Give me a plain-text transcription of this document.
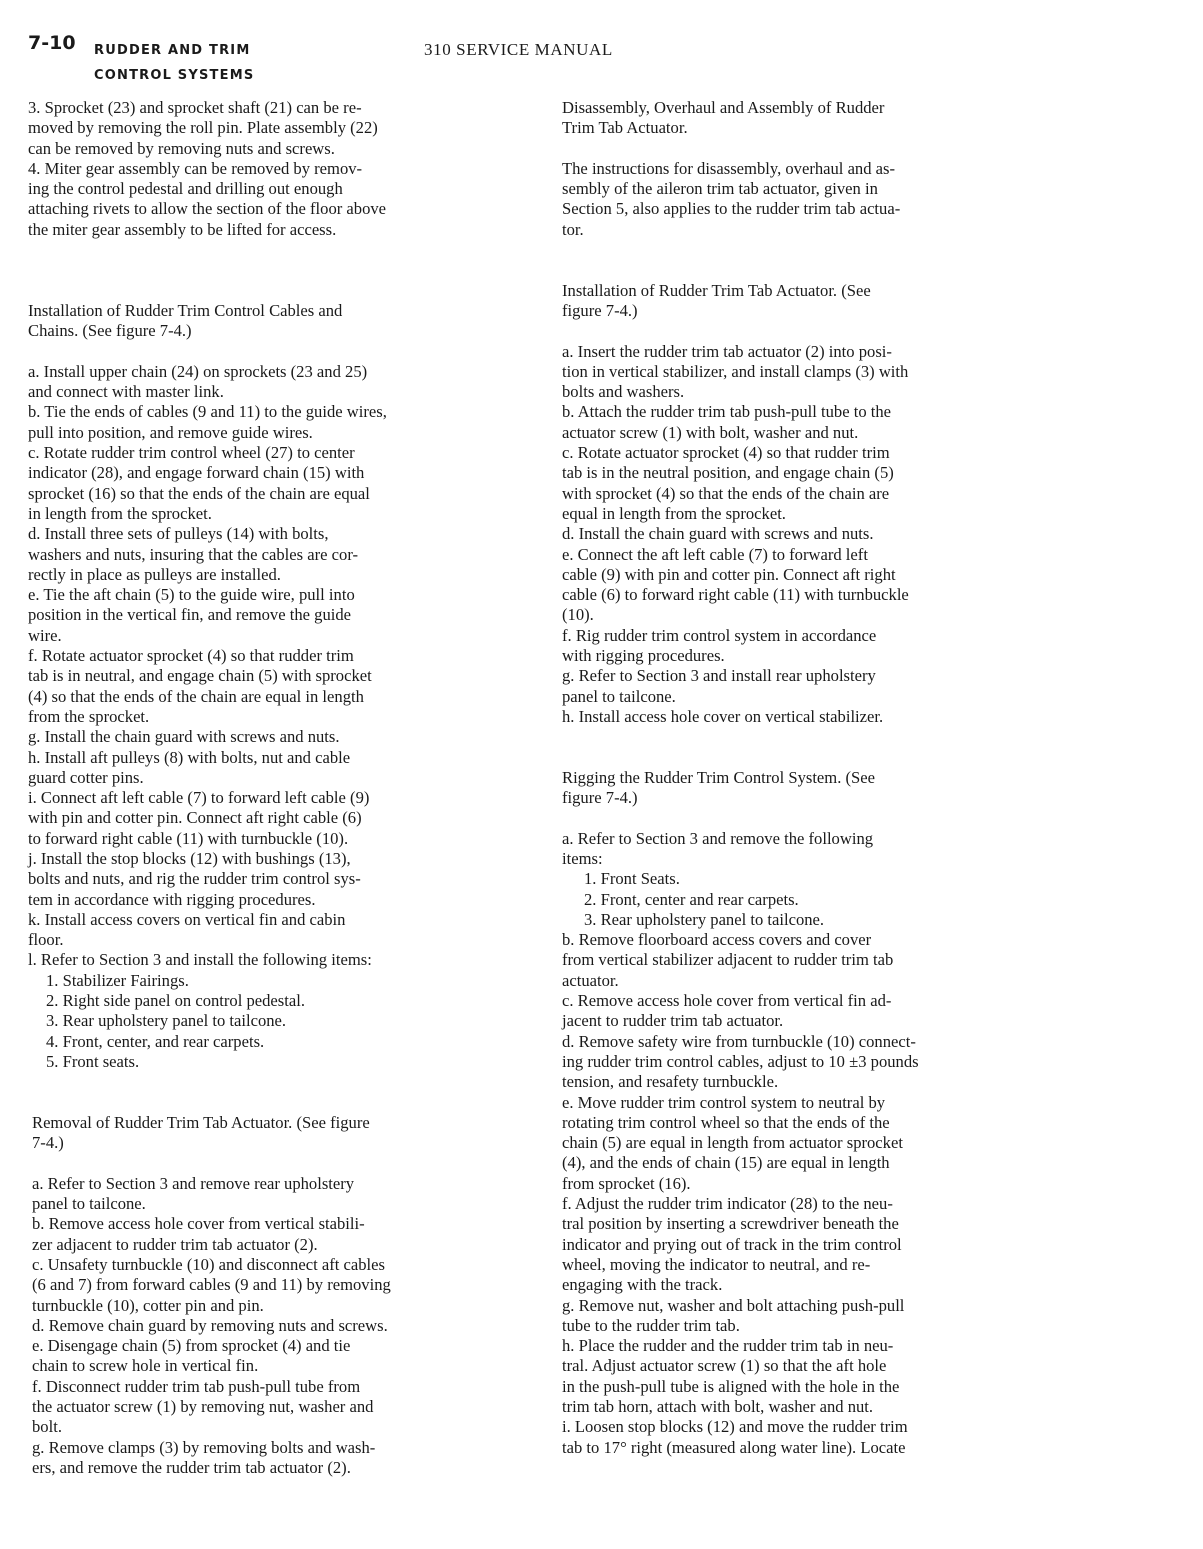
7-10 RUDDER AND TRIM
CONTROL SYSTEMS
310 SERVICE MANUAL
3. Sprocket (23) and sprocket shaft (21) can be re-
moved by removing the roll pin. Plate assembly (22)
can be removed by removing nuts and screws.
4. Miter gear assembly can be removed by remov-
ing the control pedestal and drilling out enough
attaching rivets to allow the section of the floor above
the miter gear assembly to be lifted for access.
Installation of Rudder Trim Control Cables and
Chains. (See figure 7-4.)
a. Install upper chain (24) on sprockets (23 and 25)
and connect with master link.
b. Tie the ends of cables (9 and 11) to the guide wires,
pull into position, and remove guide wires.
c. Rotate rudder trim control wheel (27) to center
indicator (28), and engage forward chain (15) with
sprocket (16) so that the ends of the chain are equal
in length from the sprocket.
d. Install three sets of pulleys (14) with bolts,
washers and nuts, insuring that the cables are cor-
rectly in place as pulleys are installed.
e. Tie the aft chain (5) to the guide wire, pull into
position in the vertical fin, and remove the guide
wire.
f. Rotate actuator sprocket (4) so that rudder trim
tab is in neutral, and engage chain (5) with sprocket
(4) so that the ends of the chain are equal in length
from the sprocket.
g. Install the chain guard with screws and nuts.
h. Install aft pulleys (8) with bolts, nut and cable
guard cotter pins.
i. Connect aft left cable (7) to forward left cable (9)
with pin and cotter pin. Connect aft right cable (6)
to forward right cable (11) with turnbuckle (10).
j. Install the stop blocks (12) with bushings (13),
bolts and nuts, and rig the rudder trim control sys-
tem in accordance with rigging procedures.
k. Install access covers on vertical fin and cabin
floor.
l. Refer to Section 3 and install the following items:
1. Stabilizer Fairings.
2. Right side panel on control pedestal.
3. Rear upholstery panel to tailcone.
4. Front, center, and rear carpets.
5. Front seats.
Removal of Rudder Trim Tab Actuator. (See figure
7-4.)
a. Refer to Section 3 and remove rear upholstery
panel to tailcone.
b. Remove access hole cover from vertical stabili-
zer adjacent to rudder trim tab actuator (2).
c. Unsafety turnbuckle (10) and disconnect aft cables
(6 and 7) from forward cables (9 and 11) by removing
turnbuckle (10), cotter pin and pin.
d. Remove chain guard by removing nuts and screws.
e. Disengage chain (5) from sprocket (4) and tie
chain to screw hole in vertical fin.
f. Disconnect rudder trim tab push-pull tube from
the actuator screw (1) by removing nut, washer and
bolt.
g. Remove clamps (3) by removing bolts and wash-
ers, and remove the rudder trim tab actuator (2).
Disassembly, Overhaul and Assembly of Rudder
Trim Tab Actuator.
The instructions for disassembly, overhaul and as-
sembly of the aileron trim tab actuator, given in
Section 5, also applies to the rudder trim tab actua-
tor.
Installation of Rudder Trim Tab Actuator. (See
figure 7-4.)
a. Insert the rudder trim tab actuator (2) into posi-
tion in vertical stabilizer, and install clamps (3) with
bolts and washers.
b. Attach the rudder trim tab push-pull tube to the
actuator screw (1) with bolt, washer and nut.
c. Rotate actuator sprocket (4) so that rudder trim
tab is in the neutral position, and engage chain (5)
with sprocket (4) so that the ends of the chain are
equal in length from the sprocket.
d. Install the chain guard with screws and nuts.
e. Connect the aft left cable (7) to forward left
cable (9) with pin and cotter pin. Connect aft right
cable (6) to forward right cable (11) with turnbuckle
(10).
f. Rig rudder trim control system in accordance
with rigging procedures.
g. Refer to Section 3 and install rear upholstery
panel to tailcone.
h. Install access hole cover on vertical stabilizer.
Rigging the Rudder Trim Control System. (See
figure 7-4.)
a. Refer to Section 3 and remove the following
items:
1. Front Seats.
2. Front, center and rear carpets.
3. Rear upholstery panel to tailcone.
b. Remove floorboard access covers and cover
from vertical stabilizer adjacent to rudder trim tab
actuator.
c. Remove access hole cover from vertical fin ad-
jacent to rudder trim tab actuator.
d. Remove safety wire from turnbuckle (10) connect-
ing rudder trim control cables, adjust to 10 ±3 pounds
tension, and resafety turnbuckle.
e. Move rudder trim control system to neutral by
rotating trim control wheel so that the ends of the
chain (5) are equal in length from actuator sprocket
(4), and the ends of chain (15) are equal in length
from sprocket (16).
f. Adjust the rudder trim indicator (28) to the neu-
tral position by inserting a screwdriver beneath the
indicator and prying out of track in the trim control
wheel, moving the indicator to neutral, and re-
engaging with the track.
g. Remove nut, washer and bolt attaching push-pull
tube to the rudder trim tab.
h. Place the rudder and the rudder trim tab in neu-
tral. Adjust actuator screw (1) so that the aft hole
in the push-pull tube is aligned with the hole in the
trim tab horn, attach with bolt, washer and nut.
i. Loosen stop blocks (12) and move the rudder trim
tab to 17° right (measured along water line). Locate
